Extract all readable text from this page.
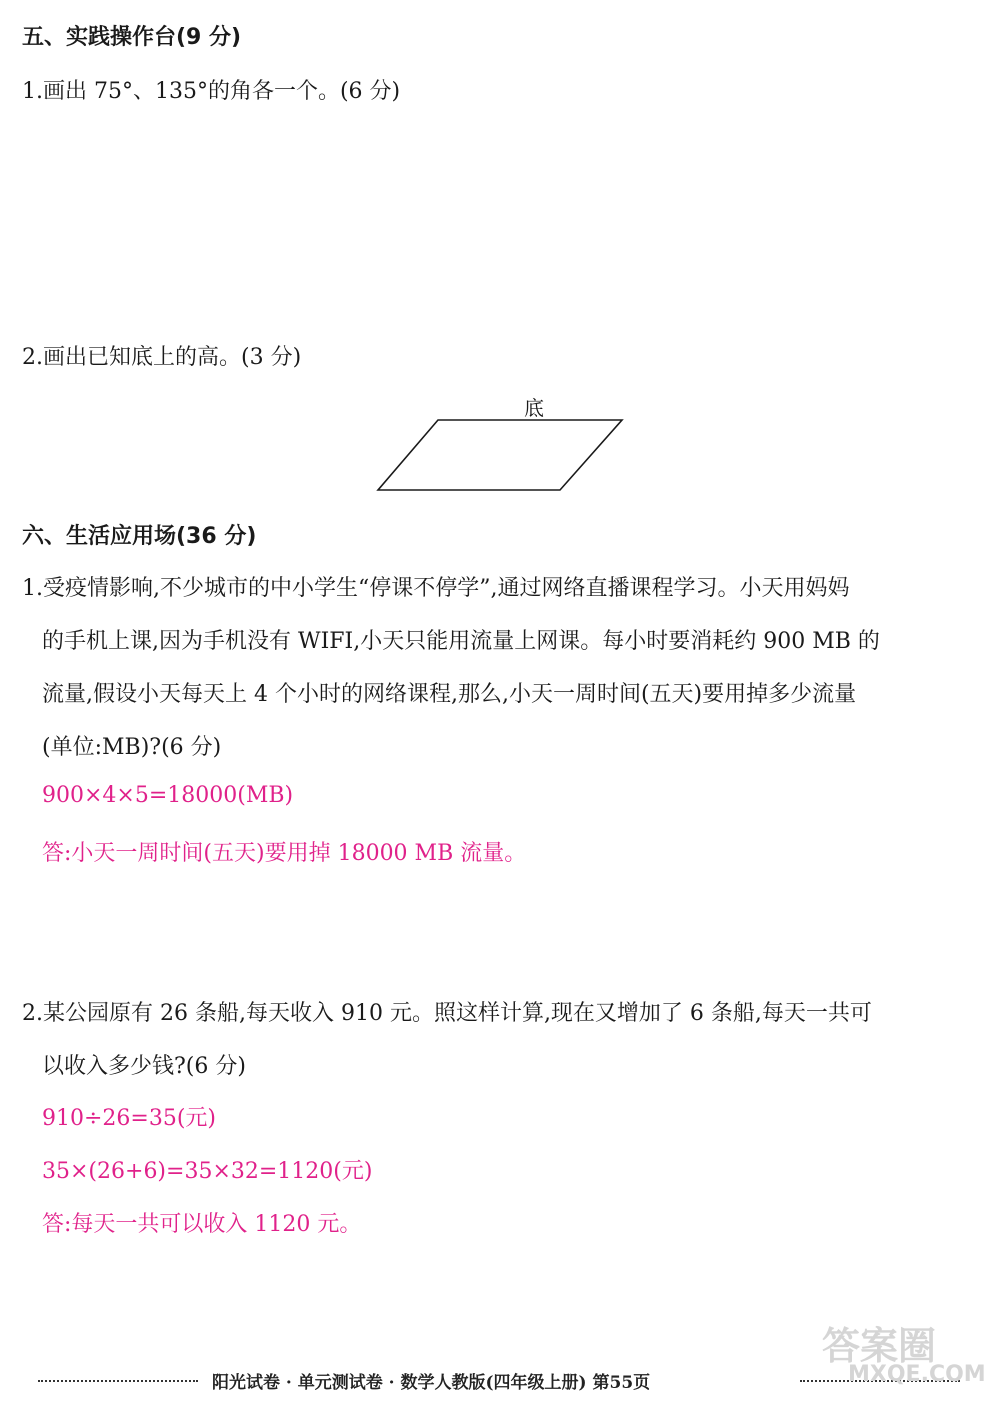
五、实践操作台(9 分)
1.画出 75°、135°的角各一个。(6 分)
2.画出已知底上的高。(3 分)
底
六、生活应用场(36 分)
1.受疫情影响,不少城市的中小学生“停课不停学”,通过网络直播课程学习。小天用妈妈
的手机上课,因为手机没有 WIFI,小天只能用流量上网课。每小时要消耗约 900 MB 的
流量,假设小天每天上 4 个小时的网络课程,那么,小天一周时间(五天)要用掉多少流量
(单位:MB)?(6 分)
900×4×5=18000(MB)
答:小天一周时间(五天)要用掉 18000 MB 流量。
2.某公园原有 26 条船,每天收入 910 元。照这样计算,现在又增加了 6 条船,每天一共可
以收入多少钱?(6 分)
910÷26=35(元)
35×(26+6)=35×32=1120(元)
答:每天一共可以收入 1120 元。
阳光试卷 · 单元测试卷 · 数学人教版(四年级上册) 第55页
答案圈
MXQE.COM
